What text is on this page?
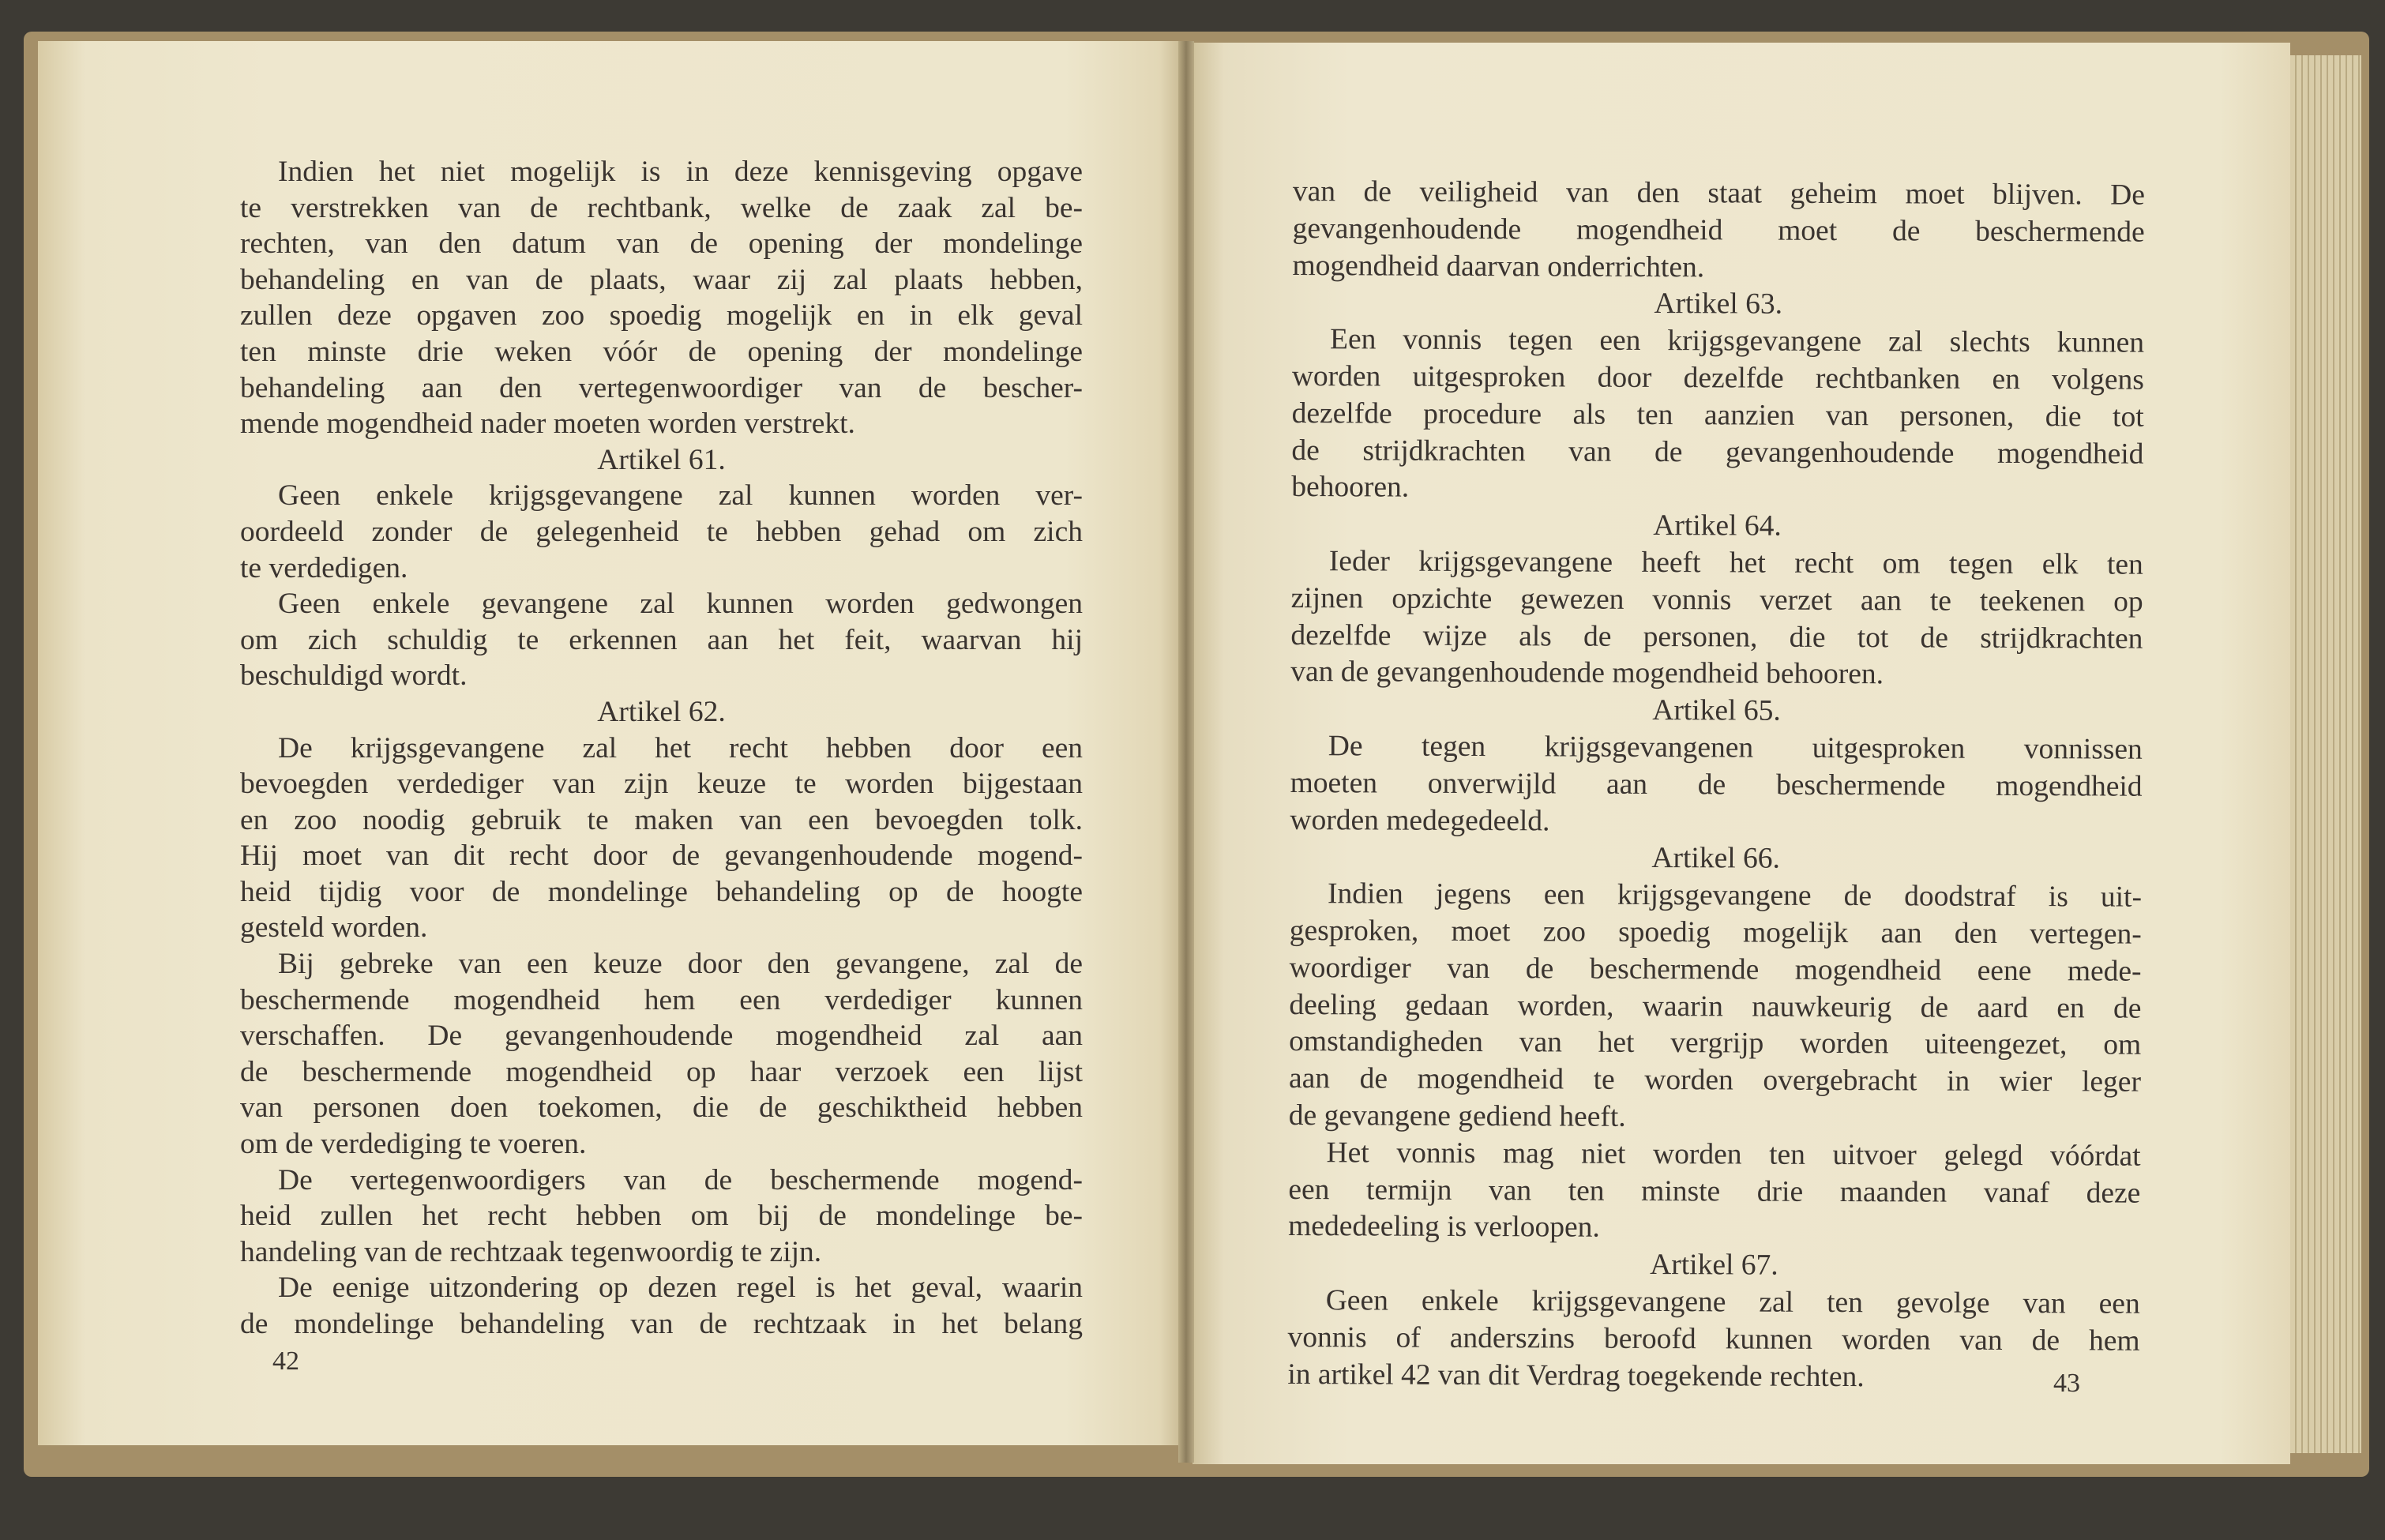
Indien het niet mogelijk is in deze kennisgeving opgave
te verstrekken van de rechtbank, welke de zaak zal be-
rechten, van den datum van de opening der mondelinge
behandeling en van de plaats, waar zij zal plaats hebben,
zullen deze opgaven zoo spoedig mogelijk en in elk geval
ten minste drie weken vóór de opening der mondelinge
behandeling aan den vertegenwoordiger van de bescher-
mende mogendheid nader moeten worden verstrekt.
Artikel 61.
Geen enkele krijgsgevangene zal kunnen worden ver-
oordeeld zonder de gelegenheid te hebben gehad om zich
te verdedigen.
Geen enkele gevangene zal kunnen worden gedwongen
om zich schuldig te erkennen aan het feit, waarvan hij
beschuldigd wordt.
Artikel 62.
De krijgsgevangene zal het recht hebben door een
bevoegden verdediger van zijn keuze te worden bijgestaan
en zoo noodig gebruik te maken van een bevoegden tolk.
Hij moet van dit recht door de gevangenhoudende mogend-
heid tijdig voor de mondelinge behandeling op de hoogte
gesteld worden.
Bij gebreke van een keuze door den gevangene, zal de
beschermende mogendheid hem een verdediger kunnen
verschaffen. De gevangenhoudende mogendheid zal aan
de beschermende mogendheid op haar verzoek een lijst
van personen doen toekomen, die de geschiktheid hebben
om de verdediging te voeren.
De vertegenwoordigers van de beschermende mogend-
heid zullen het recht hebben om bij de mondelinge be-
handeling van de rechtzaak tegenwoordig te zijn.
De eenige uitzondering op dezen regel is het geval, waarin
de mondelinge behandeling van de rechtzaak in het belang
van de veiligheid van den staat geheim moet blijven. De
gevangenhoudende mogendheid moet de beschermende
mogendheid daarvan onderrichten.
Artikel 63.
Een vonnis tegen een krijgsgevangene zal slechts kunnen
worden uitgesproken door dezelfde rechtbanken en volgens
dezelfde procedure als ten aanzien van personen, die tot
de strijdkrachten van de gevangenhoudende mogendheid
behooren.
Artikel 64.
Ieder krijgsgevangene heeft het recht om tegen elk ten
zijnen opzichte gewezen vonnis verzet aan te teekenen op
dezelfde wijze als de personen, die tot de strijdkrachten
van de gevangenhoudende mogendheid behooren.
Artikel 65.
De tegen krijgsgevangenen uitgesproken vonnissen
moeten onverwijld aan de beschermende mogendheid
worden medegedeeld.
Artikel 66.
Indien jegens een krijgsgevangene de doodstraf is uit-
gesproken, moet zoo spoedig mogelijk aan den vertegen-
woordiger van de beschermende mogendheid eene mede-
deeling gedaan worden, waarin nauwkeurig de aard en de
omstandigheden van het vergrijp worden uiteengezet, om
aan de mogendheid te worden overgebracht in wier leger
de gevangene gediend heeft.
Het vonnis mag niet worden ten uitvoer gelegd vóórdat
een termijn van ten minste drie maanden vanaf deze
mededeeling is verloopen.
Artikel 67.
Geen enkele krijgsgevangene zal ten gevolge van een
vonnis of anderszins beroofd kunnen worden van de hem
in artikel 42 van dit Verdrag toegekende rechten.
42
43
